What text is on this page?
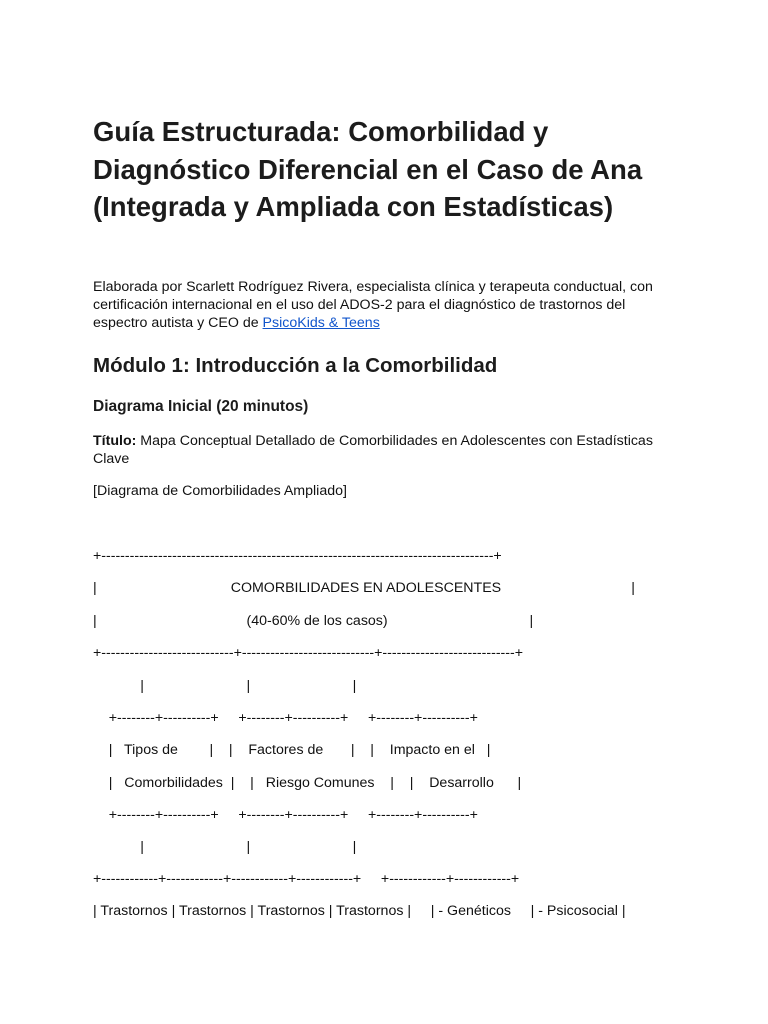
Guía Estructurada: Comorbilidad y Diagnóstico Diferencial en el Caso de Ana (Integrada y Ampliada con Estadísticas)

Elaborada por Scarlett Rodríguez Rivera, especialista clínica y terapeuta conductual, con certificación internacional en el uso del ADOS-2 para el diagnóstico de trastornos del espectro autista y CEO de PsicoKids & Teens

Módulo 1: Introducción a la Comorbilidad
Diagrama Inicial (20 minutos)

Título: Mapa Conceptual Detallado de Comorbilidades en Adolescentes con Estadísticas Clave

[Diagrama de Comorbilidades Ampliado]

+-----------------------------------------------------------------------------------+
|                                  COMORBILIDADES EN ADOLESCENTES                                 |
|                                      (40-60% de los casos)                                    |
+----------------------------+----------------------------+----------------------------+
|                          |                          |
+--------+----------+     +--------+----------+     +--------+----------+
|   Tipos de        |    |    Factores de       |    |    Impacto en el   |
|   Comorbilidades  |    |   Riesgo Comunes    |    |    Desarrollo      |
+--------+----------+     +--------+----------+     +--------+----------+
|                          |                          |
+------------+------------+------------+------------+     +------------+------------+
| Trastornos | Trastornos | Trastornos | Trastornos |     | - Genéticos     | - Psicosocial |
